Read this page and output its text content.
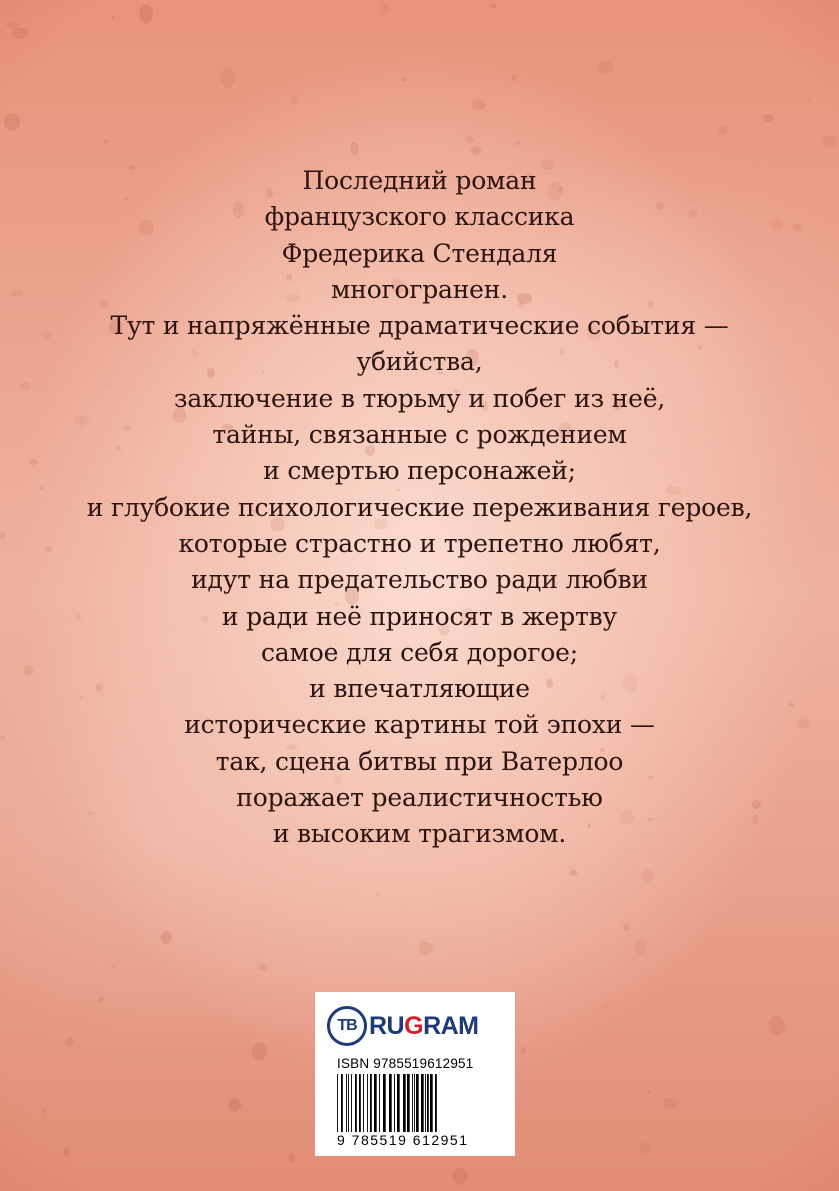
Последний роман
французского классика
Фредерика Стендаля
многогранен.
Тут и напряжённые драматические события —
убийства,
заключение в тюрьму и побег из неё,
тайны, связанные с рождением
и смертью персонажей;
и глубокие психологические переживания героев,
которые страстно и трепетно любят,
идут на предательство ради любви
и ради неё приносят в жертву
самое для себя дорогое;
и впечатляющие
исторические картины той эпохи —
так, сцена битвы при Ватерлоо
поражает реалистичностью
и высоким трагизмом.
TB RUGRAM
ISBN 9785519612951
9 785519 612951
